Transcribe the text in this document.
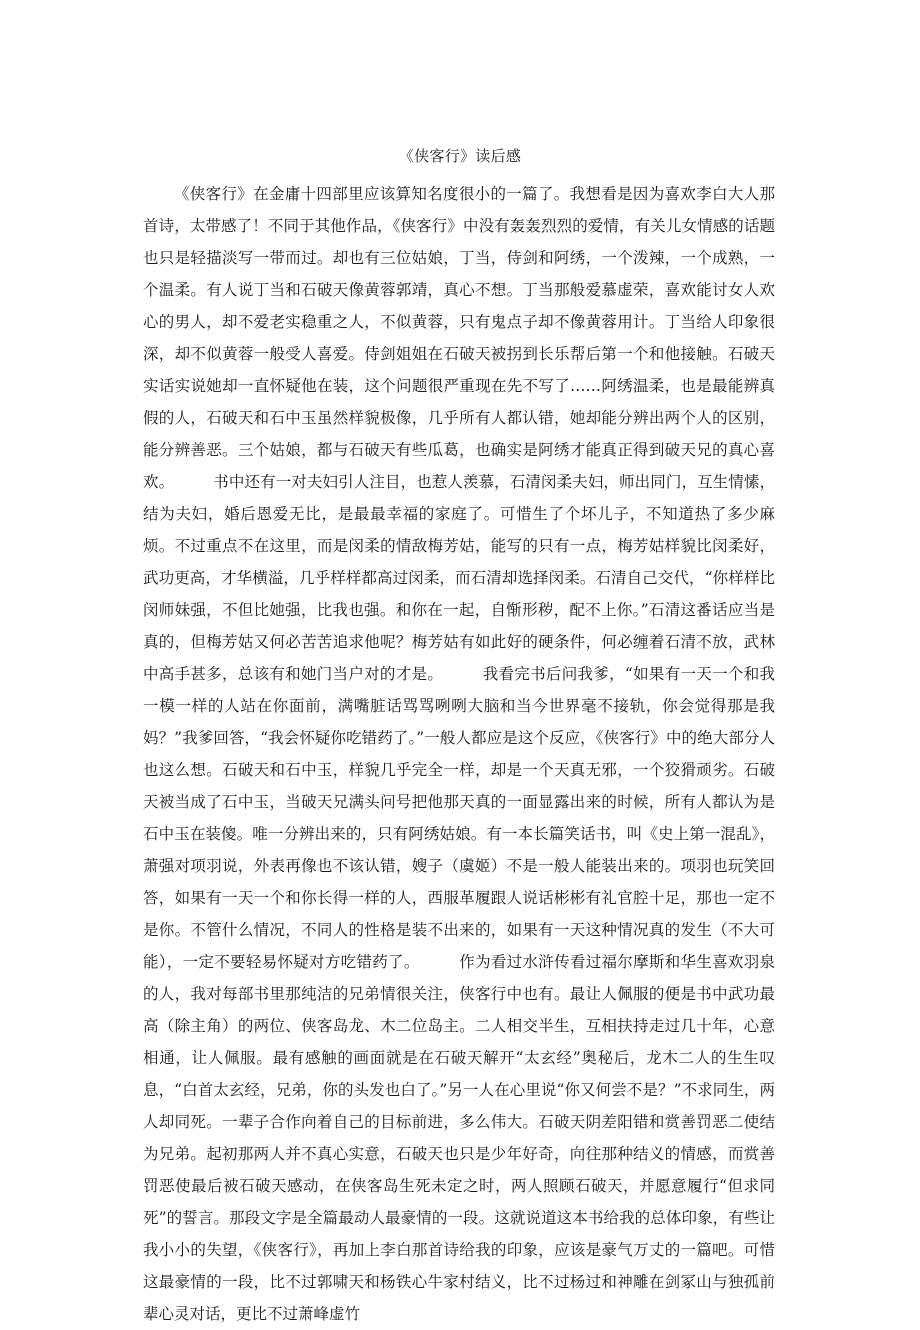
《侠客行》读后感

《侠客行》在金庸十四部里应该算知名度很小的一篇了。我想看是因为喜欢李白大人那首诗，太带感了！不同于其他作品，《侠客行》中没有轰轰烈烈的爱情，有关儿女情感的话题也只是轻描淡写一带而过。却也有三位姑娘，丁当，侍剑和阿绣，一个泼辣，一个成熟，一个温柔。有人说丁当和石破天像黄蓉郭靖，真心不想。丁当那般爱慕虚荣，喜欢能讨女人欢心的男人，却不爱老实稳重之人，不似黄蓉，只有鬼点子却不像黄蓉用计。丁当给人印象很深，却不似黄蓉一般受人喜爱。侍剑姐姐在石破天被拐到长乐帮后第一个和他接触。石破天实话实说她却一直怀疑他在装，这个问题很严重现在先不写了……阿绣温柔，也是最能辨真假的人，石破天和石中玉虽然样貌极像，几乎所有人都认错，她却能分辨出两个人的区别，能分辨善恶。三个姑娘，都与石破天有些瓜葛，也确实是阿绣才能真正得到破天兄的真心喜欢。　　　书中还有一对夫妇引人注目，也惹人羡慕，石清闵柔夫妇，师出同门，互生情愫，结为夫妇，婚后恩爱无比，是最最幸福的家庭了。可惜生了个坏儿子，不知道热了多少麻烦。不过重点不在这里，而是闵柔的情敌梅芳姑，能写的只有一点，梅芳姑样貌比闵柔好，武功更高，才华横溢，几乎样样都高过闵柔，而石清却选择闵柔。石清自己交代，“你样样比闵师妹强，不但比她强，比我也强。和你在一起，自惭形秽，配不上你。”石清这番话应当是真的，但梅芳姑又何必苦苦追求他呢？梅芳姑有如此好的硬条件，何必缠着石清不放，武林中高手甚多，总该有和她门当户对的才是。　　　我看完书后问我爹，“如果有一天一个和我一模一样的人站在你面前，满嘴脏话骂骂咧咧大脑和当今世界毫不接轨，你会觉得那是我妈？”我爹回答，“我会怀疑你吃错药了。”一般人都应是这个反应，《侠客行》中的绝大部分人也这么想。石破天和石中玉，样貌几乎完全一样，却是一个天真无邪，一个狡猾顽劣。石破天被当成了石中玉，当破天兄满头问号把他那天真的一面显露出来的时候，所有人都认为是石中玉在装傻。唯一分辨出来的，只有阿绣姑娘。有一本长篇笑话书，叫《史上第一混乱》，萧强对项羽说，外表再像也不该认错，嫂子（虞姬）不是一般人能装出来的。项羽也玩笑回答，如果有一天一个和你长得一样的人，西服革履跟人说话彬彬有礼官腔十足，那也一定不是你。不管什么情况，不同人的性格是装不出来的，如果有一天这种情况真的发生（不大可能），一定不要轻易怀疑对方吃错药了。　　　作为看过水浒传看过福尔摩斯和华生喜欢羽泉的人，我对每部书里那纯洁的兄弟情很关注，侠客行中也有。最让人佩服的便是书中武功最高（除主角）的两位、侠客岛龙、木二位岛主。二人相交半生，互相扶持走过几十年，心意相通，让人佩服。最有感触的画面就是在石破天解开“太玄经”奥秘后，龙木二人的生生叹息，“白首太玄经，兄弟，你的头发也白了。”另一人在心里说“你又何尝不是？”不求同生，两人却同死。一辈子合作向着自己的目标前进，多么伟大。石破天阴差阳错和赏善罚恶二使结为兄弟。起初那两人并不真心实意，石破天也只是少年好奇，向往那种结义的情感，而赏善罚恶使最后被石破天感动，在侠客岛生死未定之时，两人照顾石破天，并愿意履行“但求同死”的誓言。那段文字是全篇最动人最豪情的一段。这就说道这本书给我的总体印象，有些让我小小的失望，《侠客行》，再加上李白那首诗给我的印象，应该是豪气万丈的一篇吧。可惜这最豪情的一段，比不过郭啸天和杨铁心牛家村结义，比不过杨过和神雕在剑冢山与独孤前辈心灵对话，更比不过萧峰虚竹
